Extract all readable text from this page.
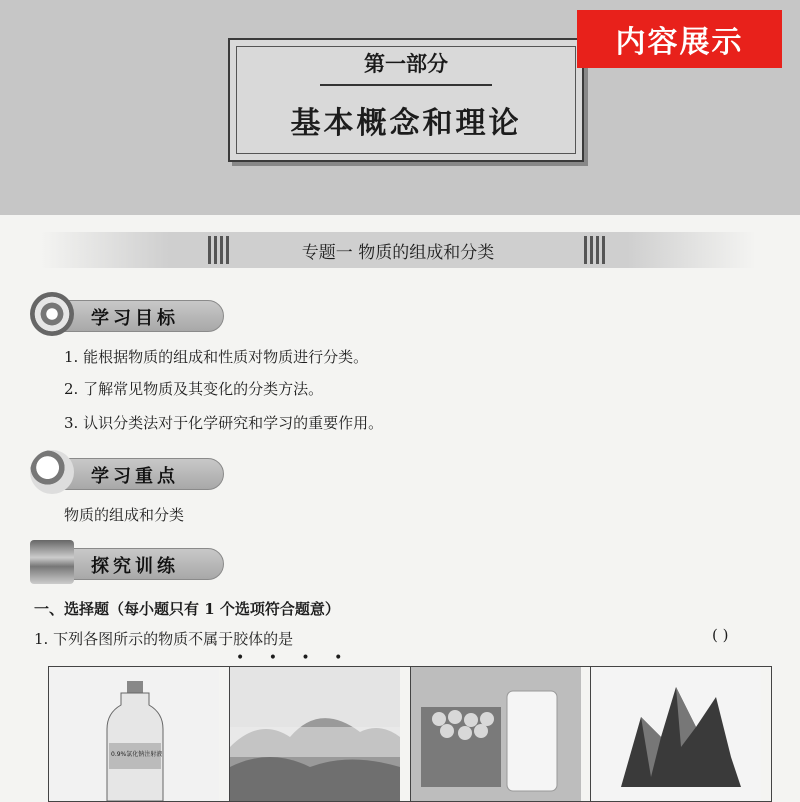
第一部分
基本概念和理论
内容展示
专题一 物质的组成和分类
学习目标
1. 能根据物质的组成和性质对物质进行分类。
2. 了解常见物质及其变化的分类方法。
3. 认识分类法对于化学研究和学习的重要作用。
学习重点
物质的组成和分类
探究训练
一、选择题（每小题只有 1 个选项符合题意）
1. 下列各图所示的物质不属于胶体的是	( )
• • • •
0.9%氯化钠注射液
